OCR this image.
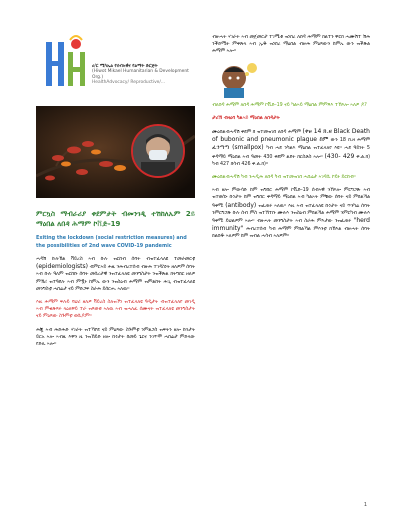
ሀ/ር ሚካኤል የሰብአዊና የልማት ድርጅት
(Hiwot Mikael Humanitarian & Development Org.)
HealthAdvocacy/ Reproductive/...
ምርኳስ ማብራሪያ ቀደምታት ብመንገዲ ተሽከለኡም 2ይ ማዕበል ለበዳ ሕማም ኮቪድ-19
Exiting the lockdown (social restriction measures) and the possibilities of 2nd wave COVID-19 pandemic

ሓዳሽ ኩሉኽል ቫይረስ ኣብ ኩሉ ዝርከብ ሰባት ብዝተፈላለዩ ተመራመርቲ (epidemiologists) ብምርኣይ ሕዚ ንሕብረተሰብ ብዙሕ ተገዳስነት ዘለዎም ሰባት ኣብ ኩሉ ዓለም ዝርከቡ ሰባት መሰረታዊ ንዝተፈላለዩ መንግስታት ንዝቕጽል ክትግበር ዘለዎ ምኽሪ ዝተዓደሉ ኣብ ምዃኑ ከምኡ ውን ንዝስዕብ ሕማም ዝምልከት ሕጊ ብዝተፈላለዩ መንግስቲ ሓበሬታ ናይ ምድጋፍ ስራሕ ይሰርሑ ኣለዉ።

እዚ ሕማም ፍሉይ ባህሪ ዘለዎ ቫይረስ ስለዝኾነ ዝተፈላለዩ ዓዲታት ብዝተፈላለየ መገዲ ኣብ ምቁጽጻሩ ላዕለዋይ ተራ ዝጻወቱ ኣለዉ ኣብ ዝሓለፈ ሰሙናት ዝተፈላለዩ መንግስታት ናይ ምዕጻው ስጉምቲ ወሲዶም።

ሕጂ ኣብ ሕድሕድ ሃገራት ዝተኻየደ ናይ ምዕጻው ስጉምቲ ንምልጋስ ዝፍትን ዘሎ ኩነታት ይርአ ኣሎ ኣብዚ እዋን ዚ ንዝኸይድ ዘሎ ኩነታት ከመይ ጌርና ንገጥሞ ሓበሬታ ምድላው የድሊ ኣሎ።

ብዙሓት ሃገራት ኣብ መጀመርታ ተገሚቱ ዝነበረ ለበዳ ሕማም ክልተን ዋርክ ሓሙሽተ ሽሕ ንቕድሚት ምቅጽላ ኣብ ኢዱ ዝነበረ ማዕበል ብዙሕ ምዕጻውን ከምኡ ውን ዝቕጽል ሕማም ኣሎ።

ብለበዳ ሕማም ለበዳ ሕማም ኮቪድ-19 ናይ ካልኣይ ማዕበል ምምጻእ ተኽእሎ ኣለዎ ዶ?

ታሪኽ ብዛዕባ ካልኣይ ማዕበል ለበዳታት

ሙዕበልብሓዳሽ ቀደም ክ ዝተመዝገበ ለበዳ ሕማም (ቀፀ 14 ክ.ዘ Black Death of bubonic and pneumonic plague ከም ውን 18 ክ.ዘ ሕማም ፈንጣጣ (smallpox) ካብ ሓደ ንካልእ ማዕበል ዝተፈላለየ እዩ። ሓደ ዓይነት 5 ቀዳማይ ማዕበል ኣብ ዓመት 430 ቀደም ልደት ክርስቶስ ኣሎ። (430- 429 ቅ.ል.ክ) ካብ 427 ክሳብ 426 ቀ.ል.ክ)።

ሙዕበልብሓዳሽ ካብ ንሓዲሕ ለበዳ ካብ ዝተመዝገበ ሓበሬታ ኣገዳሲ ኮይኑ ይርከብ።

ኣብ ዘሎ ምውሳድ ከም ዝግበር ሕማም ኮቪድ-19 ሰብኣዊ ንኽእሎ ምርግጋጽ ኣብ ዝተወሰኑ ኩነታት ከም ዝግበር ቀዳማይ ማዕበል ኣብ ካልኦት ምቹው ሰባት ናይ ምክልኻል ዓቅሚ (antibody) ዝፈጠሩ ኣለዉ። እዚ ኣብ ዝተፈላለዩ ኩነታት ናይ ጥንካሬ ሰባት ንምርግጋጽ ኩሉ ሰብ ምስ ዝተኽተቡ ሙሉእ ንዝስዕብ ምክልኻል ሕማም ንምርካብ ሙሉእ ዓቅሚ ይህልዎም ኣሎ። ብዙሓት መንግስታት ኣብ ስራሕ ምእታው ንዝፈጠሩ "herd immunity" ሕብረተሰብ ካብ ሕማም ምክልኻል ምእንቲ ክኽእል ብዙሓት ሰባት ክልበዱ ኣለዎም ከም ዝብል ሓሳብ ኣለዎም።

1
